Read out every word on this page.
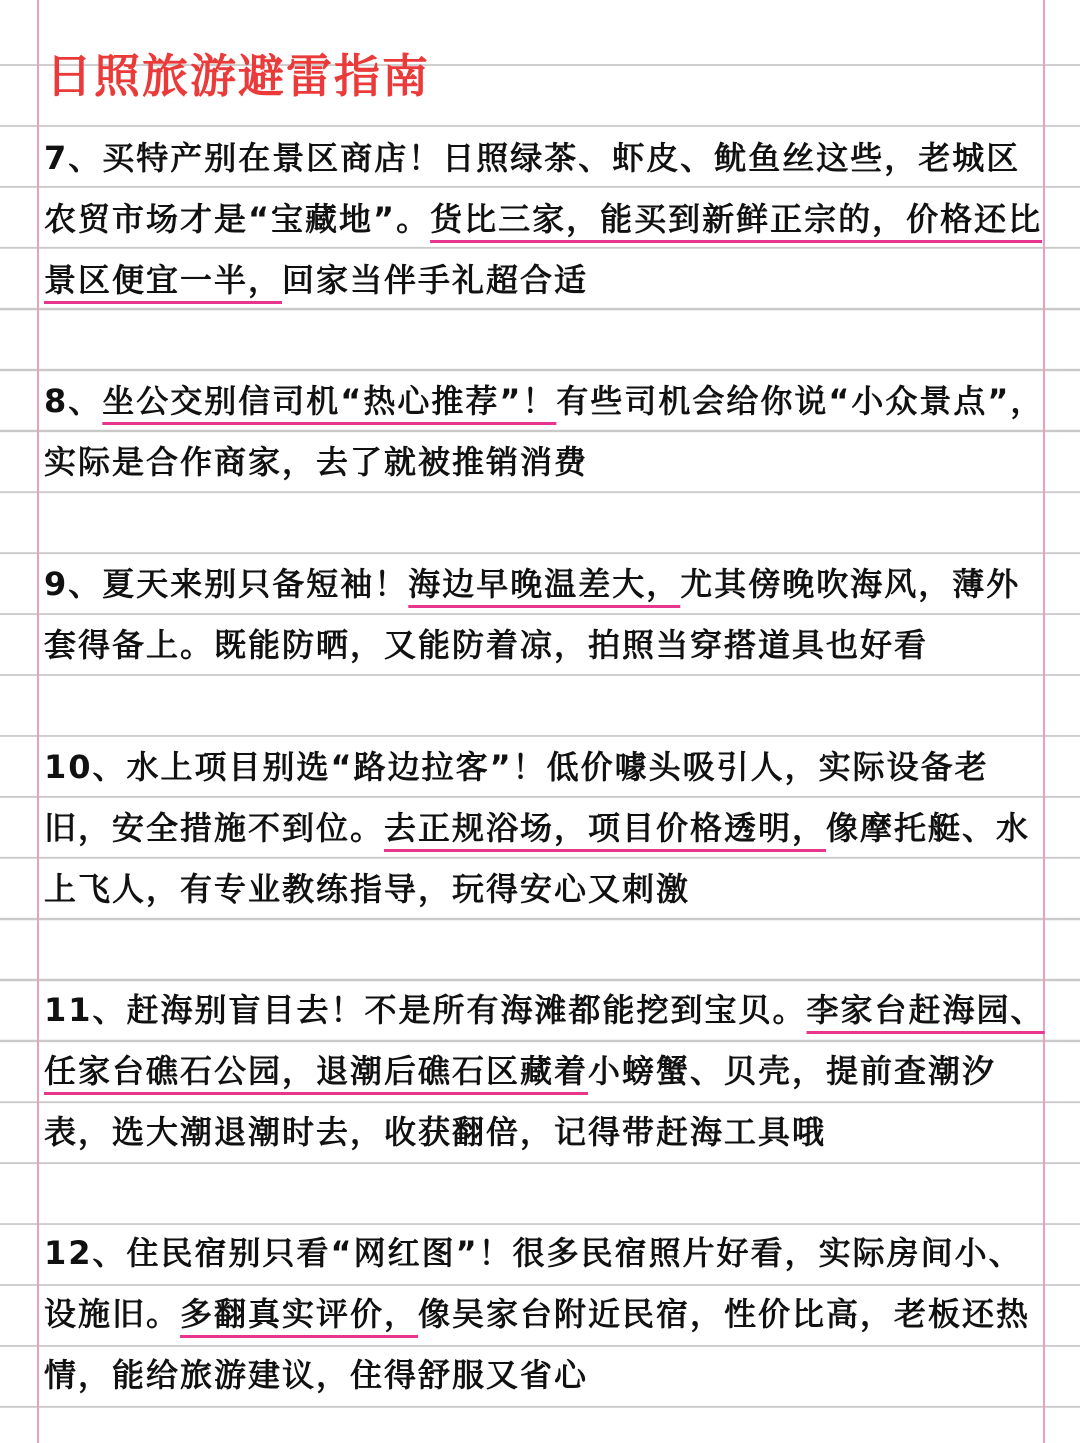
日照旅游避雷指南

7、买特产别在景区商店！日照绿茶、虾皮、鱿鱼丝这些，老城区农贸市场才是“宝藏地”。货比三家，能买到新鲜正宗的，价格还比景区便宜一半，回家当伴手礼超合适

8、坐公交别信司机“热心推荐”！有些司机会给你说“小众景点”，实际是合作商家，去了就被推销消费

9、夏天来别只备短袖！海边早晚温差大，尤其傍晚吹海风，薄外套得备上。既能防晒，又能防着凉，拍照当穿搭道具也好看

10、水上项目别选“路边拉客”！低价噱头吸引人，实际设备老旧，安全措施不到位。去正规浴场，项目价格透明，像摩托艇、水上飞人，有专业教练指导，玩得安心又刺激

11、赶海别盲目去！不是所有海滩都能挖到宝贝。李家台赶海园、任家台礁石公园，退潮后礁石区藏着小螃蟹、贝壳，提前查潮汐表，选大潮退潮时去，收获翻倍，记得带赶海工具哦

12、住民宿别只看“网红图”！很多民宿照片好看，实际房间小、设施旧。多翻真实评价，像吴家台附近民宿，性价比高，老板还热情，能给旅游建议，住得舒服又省心
